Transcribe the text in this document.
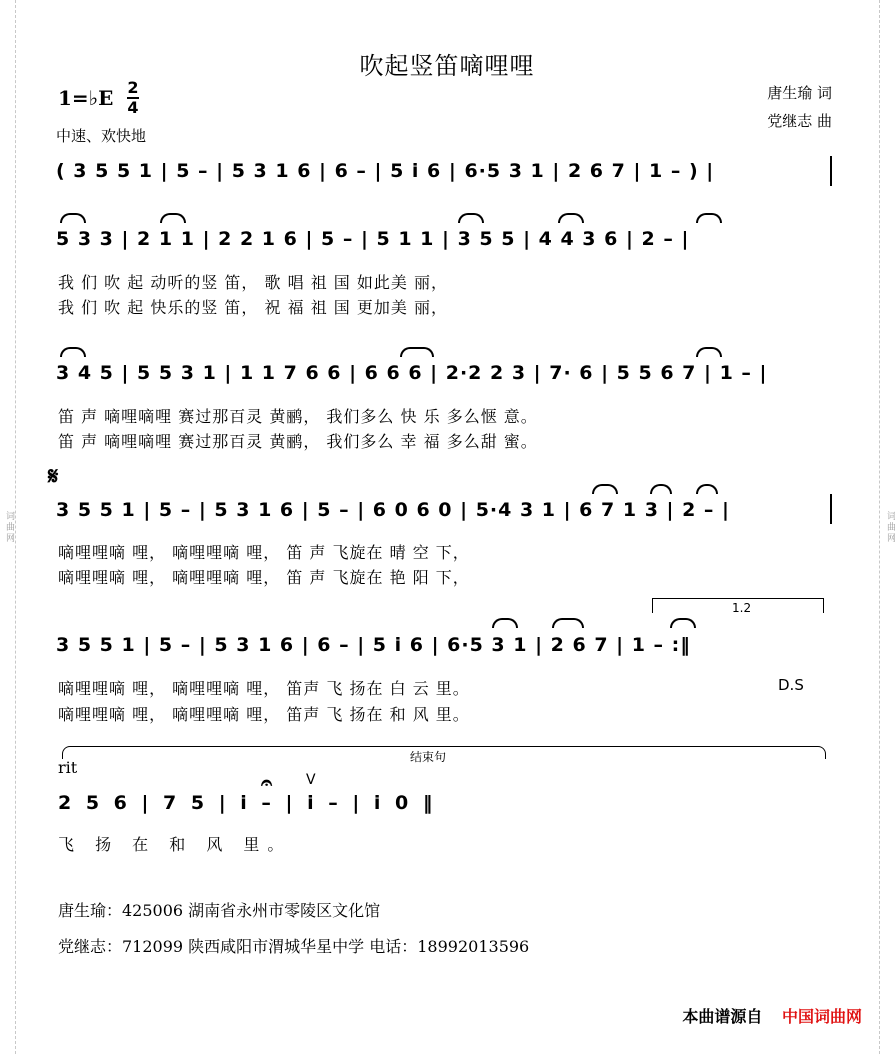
词曲网	词曲网
吹起竖笛嘀哩哩
1=♭E 2
4
中速、欢快地
唐生瑜 词
党继志 曲
( 3 5 5 1 | 5 – | 5 3 1 6 | 6 – | 5 i 6 | 6·5 3 1 | 2 6 7 | 1 – ) |
5 3 3 | 2 1 1 | 2 2 1 6 | 5 – | 5 1 1 | 3 5 5 | 4 4 3 6 | 2 – |
我 们 吹 起 动听的竖 笛， 歌 唱 祖 国 如此美 丽，
我 们 吹 起 快乐的竖 笛， 祝 福 祖 国 更加美 丽，
3 4 5 | 5 5 3 1 | 1 1 7 6 6 | 6 6 6 | 2·2 2 3 | 7· 6 | 5 5 6 7 | 1 – |
笛 声 嘀哩嘀哩 赛过那百灵 黄鹂， 我们多么 快 乐 多么惬 意。
笛 声 嘀哩嘀哩 赛过那百灵 黄鹂， 我们多么 幸 福 多么甜 蜜。
𝄋
3 5 5 1 | 5 – | 5 3 1 6 | 5 – | 6 0 6 0 | 5·4 3 1 | 6 7 1 3 | 2 – |
嘀哩哩嘀 哩， 嘀哩哩嘀 哩， 笛 声 飞旋在 晴 空 下，
嘀哩哩嘀 哩， 嘀哩哩嘀 哩， 笛 声 飞旋在 艳 阳 下，
1.2
3 5 5 1 | 5 – | 5 3 1 6 | 6 – | 5 i 6 | 6·5 3 1 | 2 6 7 | 1 – :‖
嘀哩哩嘀 哩， 嘀哩哩嘀 哩， 笛声 飞 扬在 白 云 里。	D.S
嘀哩哩嘀 哩， 嘀哩哩嘀 哩， 笛声 飞 扬在 和 风 里。
结束句
rit
𝄐 V
2 5 6 | 7 5 | i – | i – | i 0 ‖
飞 扬 在 和 风 里。
唐生瑜：425006 湖南省永州市零陵区文化馆
党继志：712099 陕西咸阳市渭城华星中学 电话：18992013596
本曲谱源自 中国词曲网
